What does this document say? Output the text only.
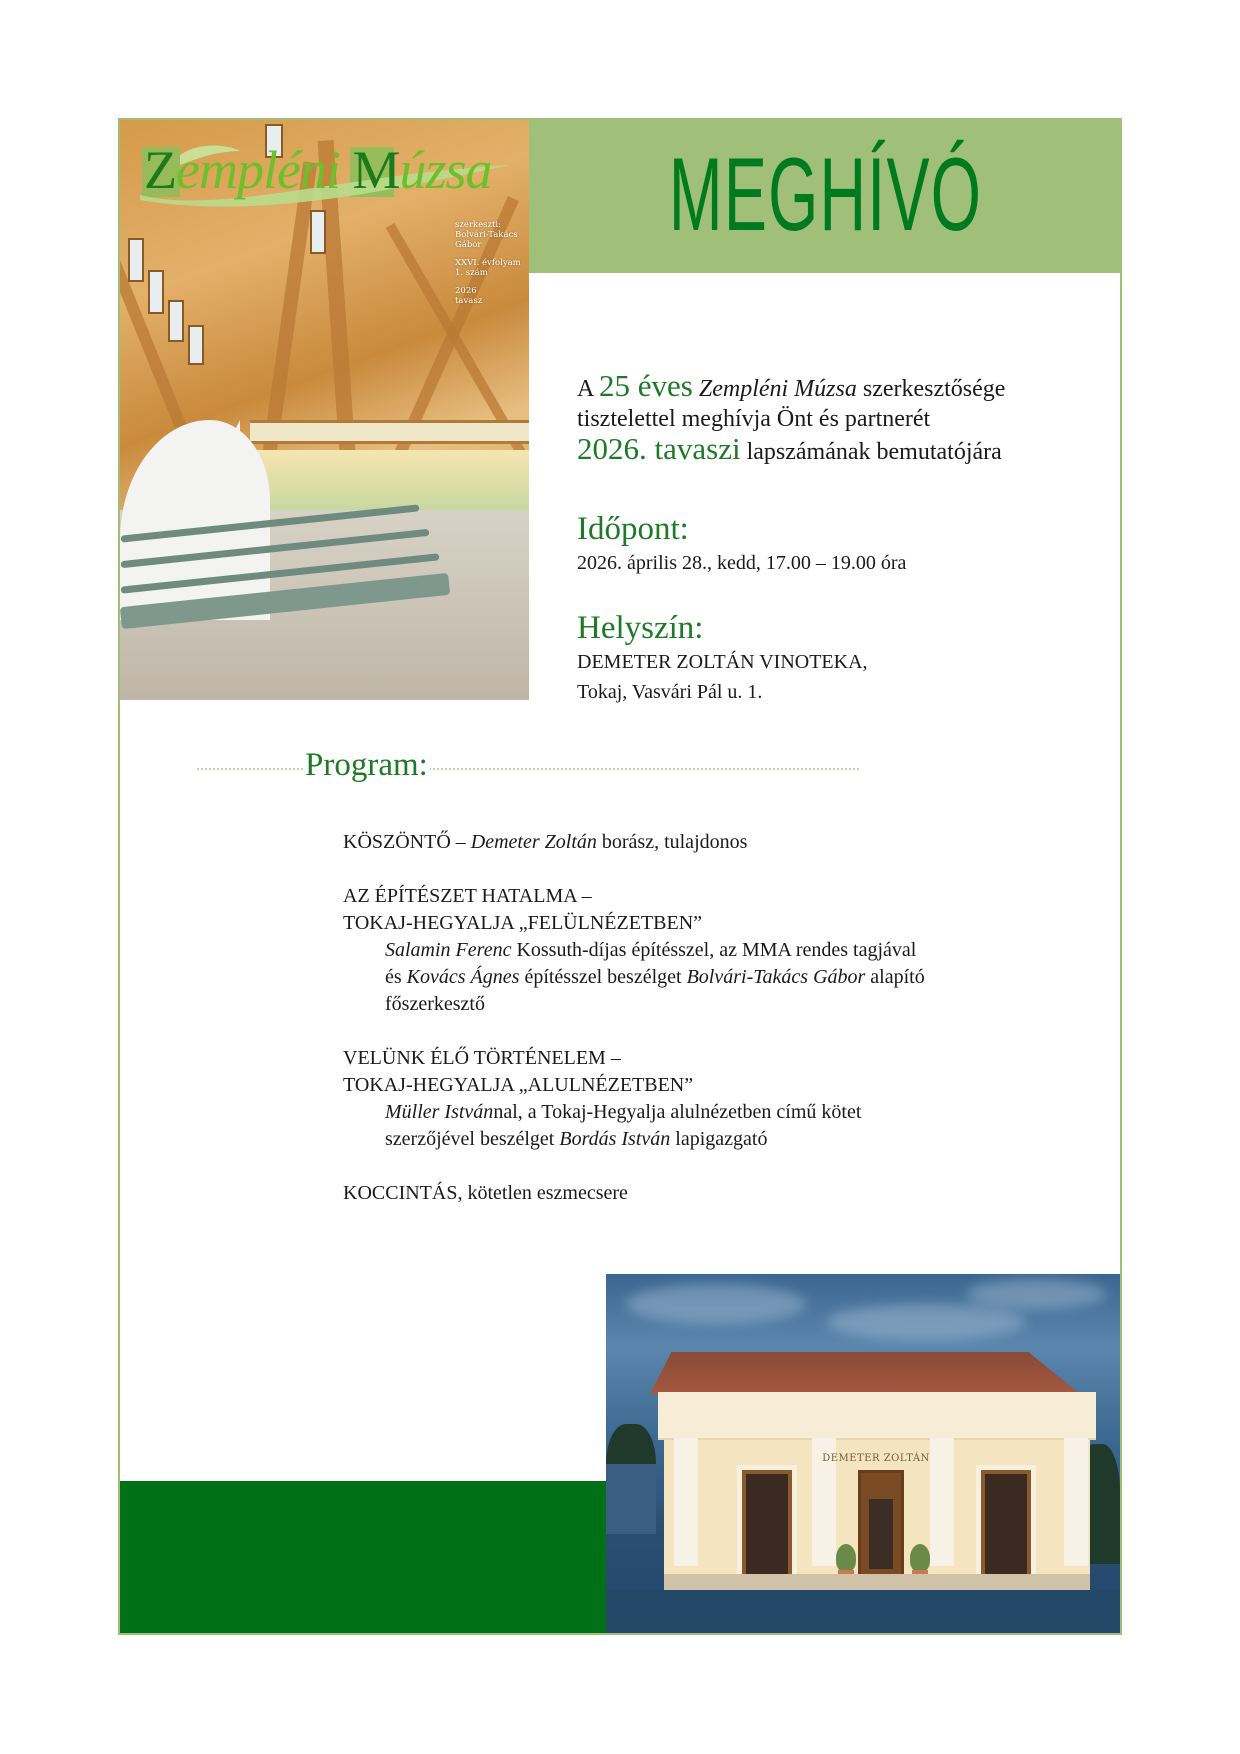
MEGHÍVÓ
Zempléni Múzsa

szerkeszti:
Bolvári-Takács
Gábor

XXVI. évfolyam
1. szám

2026
tavasz

A 25 éves Zempléni Múzsa szerkesztősége
tisztelettel meghívja Önt és partnerét
2026. tavaszi lapszámának bemutatójára
Időpont:
2026. április 28., kedd, 17.00 – 19.00 óra
Helyszín:
DEMETER ZOLTÁN VINOTEKA,
Tokaj, Vasvári Pál u. 1.
Program:
KÖSZÖNTŐ – Demeter Zoltán borász, tulajdonos
AZ ÉPÍTÉSZET HATALMA –
TOKAJ-HEGYALJA „FELÜLNÉZETBEN”
Salamin Ferenc Kossuth-díjas építésszel, az MMA rendes tagjával
és Kovács Ágnes építésszel beszélget Bolvári-Takács Gábor alapító
főszerkesztő
VELÜNK ÉLŐ TÖRTÉNELEM –
TOKAJ-HEGYALJA „ALULNÉZETBEN”
Müller Istvánnal, a Tokaj-Hegyalja alulnézetben című kötet
szerzőjével beszélget Bordás István lapigazgató
KOCCINTÁS, kötetlen eszmecsere
DEMETER ZOLTÁN
